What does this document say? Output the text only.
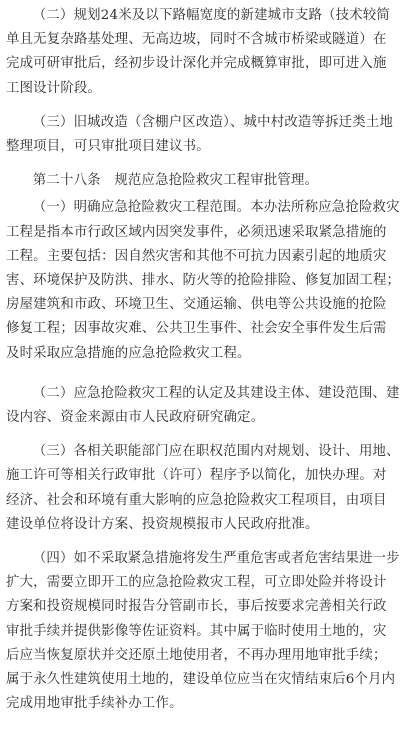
（二）规划24米及以下路幅宽度的新建城市支路（技术较简
单且无复杂路基处理、无高边坡，同时不含城市桥梁或隧道）在
完成可研审批后，经初步设计深化并完成概算审批，即可进入施
工图设计阶段。

（三）旧城改造（含棚户区改造）、城中村改造等拆迁类土地
整理项目，可只审批项目建议书。

第二十八条　规范应急抢险救灾工程审批管理。

（一）明确应急抢险救灾工程范围。本办法所称应急抢险救灾
工程是指本市行政区域内因突发事件，必须迅速采取紧急措施的
工程。主要包括：因自然灾害和其他不可抗力因素引起的地质灾
害、环境保护及防洪、排水、防火等的抢险排险、修复加固工程；
房屋建筑和市政、环境卫生、交通运输、供电等公共设施的抢险
修复工程；因事故灾难、公共卫生事件、社会安全事件发生后需
及时采取应急措施的应急抢险救灾工程。

（二）应急抢险救灾工程的认定及其建设主体、建设范围、建
设内容、资金来源由市人民政府研究确定。

（三）各相关职能部门应在职权范围内对规划、设计、用地、
施工许可等相关行政审批（许可）程序予以简化，加快办理。对
经济、社会和环境有重大影响的应急抢险救灾工程项目，由项目
建设单位将设计方案、投资规模报市人民政府批准。

（四）如不采取紧急措施将发生严重危害或者危害结果进一步
扩大，需要立即开工的应急抢险救灾工程，可立即处险并将设计
方案和投资规模同时报告分管副市长，事后按要求完善相关行政
审批手续并提供影像等佐证资料。其中属于临时使用土地的，灾
后应当恢复原状并交还原土地使用者，不再办理用地审批手续；
属于永久性建筑使用土地的，建设单位应当在灾情结束后6个月内
完成用地审批手续补办工作。
